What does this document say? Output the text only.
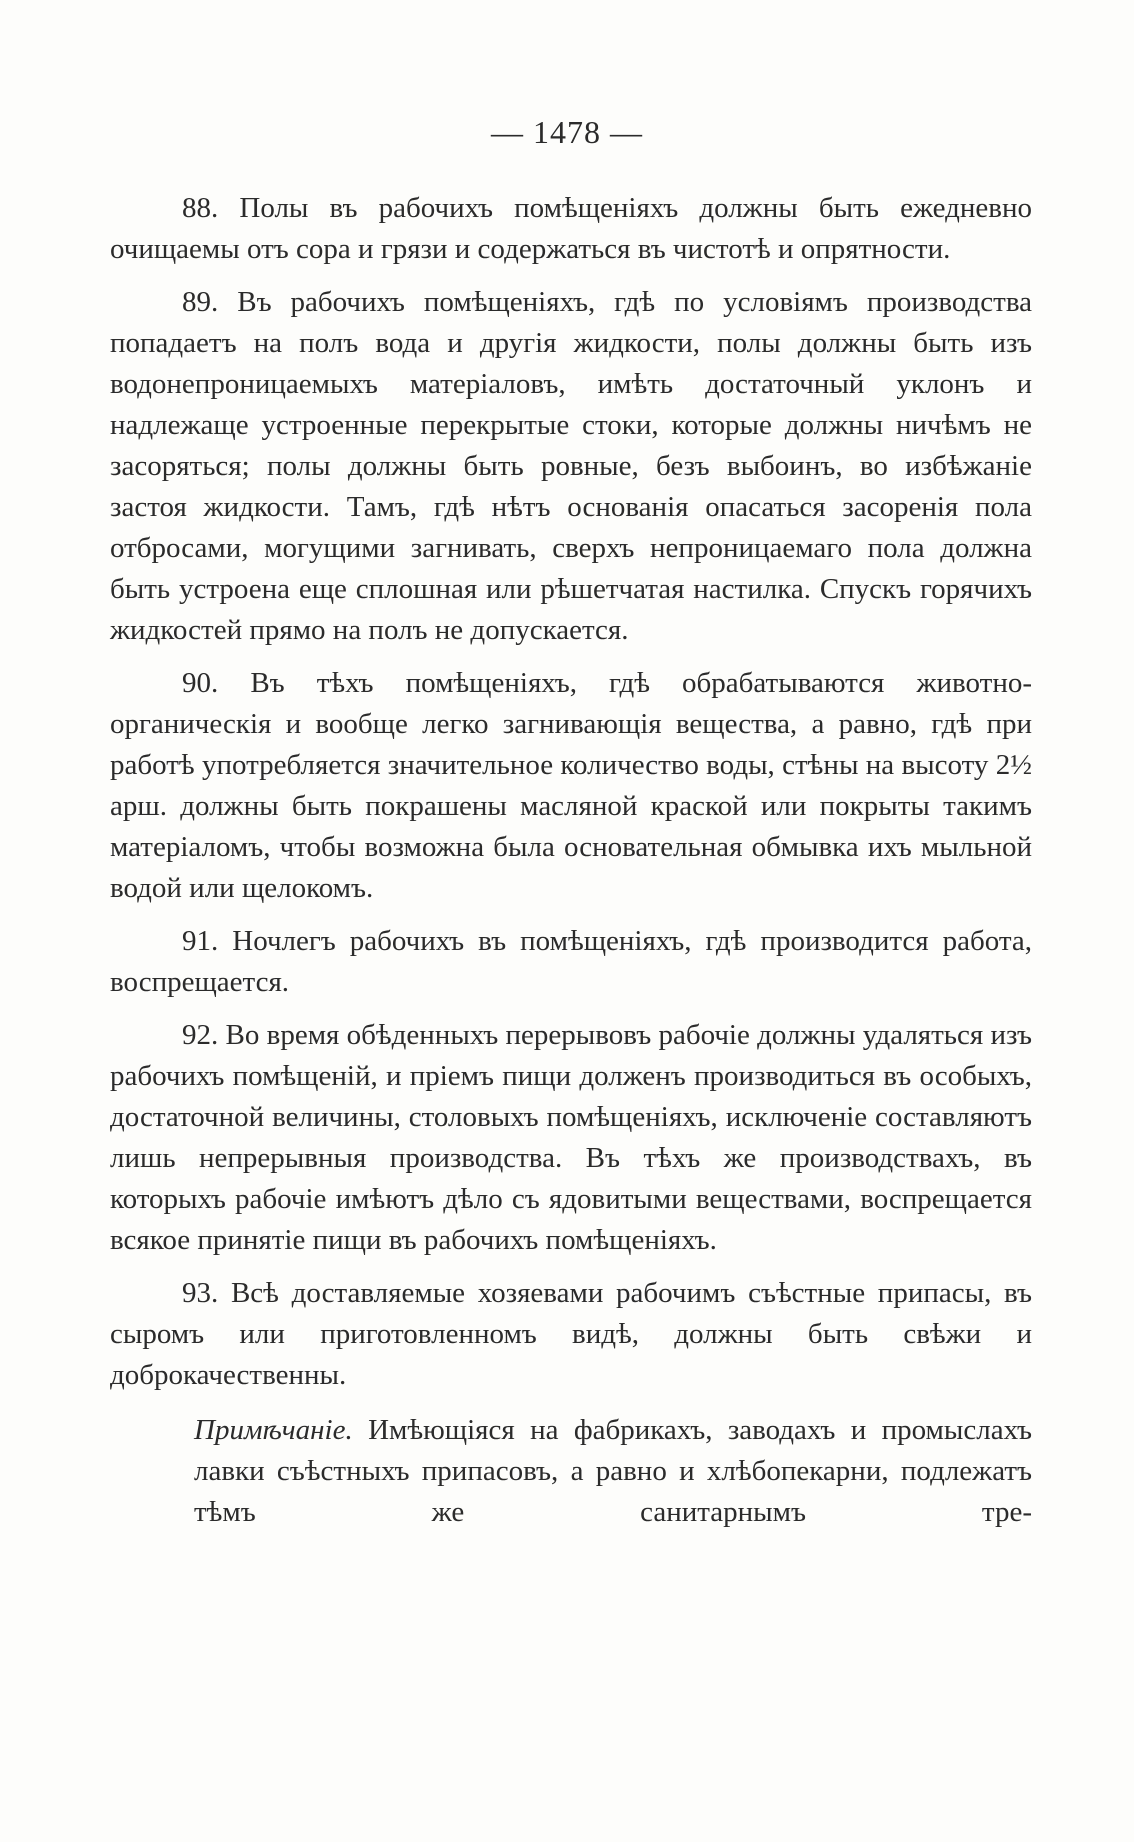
— 1478 —

88. Полы въ рабочихъ помѣщеніяхъ должны быть ежедневно очищаемы отъ сора и грязи и содержаться въ чистотѣ и опрятности.

89. Въ рабочихъ помѣщеніяхъ, гдѣ по условіямъ производства попадаетъ на полъ вода и другія жидкости, полы должны быть изъ водонепроницаемыхъ матеріаловъ, имѣть достаточный уклонъ и надлежаще устроенные перекрытые стоки, которые должны ничѣмъ не засоряться; полы должны быть ровные, безъ выбоинъ, во избѣжаніе застоя жидкости. Тамъ, гдѣ нѣтъ основанія опасаться засоренія пола отбросами, могущими загнивать, сверхъ непроницаемаго пола должна быть устроена еще сплошная или рѣшетчатая настилка. Спускъ горячихъ жидкостей прямо на полъ не допускается.

90. Въ тѣхъ помѣщеніяхъ, гдѣ обрабатываются животно-органическія и вообще легко загнивающія вещества, а равно, гдѣ при работѣ употребляется значительное количество воды, стѣны на высоту 2½ арш. должны быть покрашены масляной краской или покрыты такимъ матеріаломъ, чтобы возможна была основательная обмывка ихъ мыльной водой или щелокомъ.

91. Ночлегъ рабочихъ въ помѣщеніяхъ, гдѣ производится работа, воспрещается.

92. Во время обѣденныхъ перерывовъ рабочіе должны удаляться изъ рабочихъ помѣщеній, и пріемъ пищи долженъ производиться въ особыхъ, достаточной величины, столовыхъ помѣщеніяхъ, исключеніе составляютъ лишь непрерывныя производства. Въ тѣхъ же производствахъ, въ которыхъ рабочіе имѣютъ дѣло съ ядовитыми веществами, воспрещается всякое принятіе пищи въ рабочихъ помѣщеніяхъ.

93. Всѣ доставляемые хозяевами рабочимъ съѣстные припасы, въ сыромъ или приготовленномъ видѣ, должны быть свѣжи и доброкачественны.

Примѣчаніе. Имѣющіяся на фабрикахъ, заводахъ и промыслахъ лавки съѣстныхъ припасовъ, а равно и хлѣбопекарни, подлежатъ тѣмъ же санитарнымъ тре-
